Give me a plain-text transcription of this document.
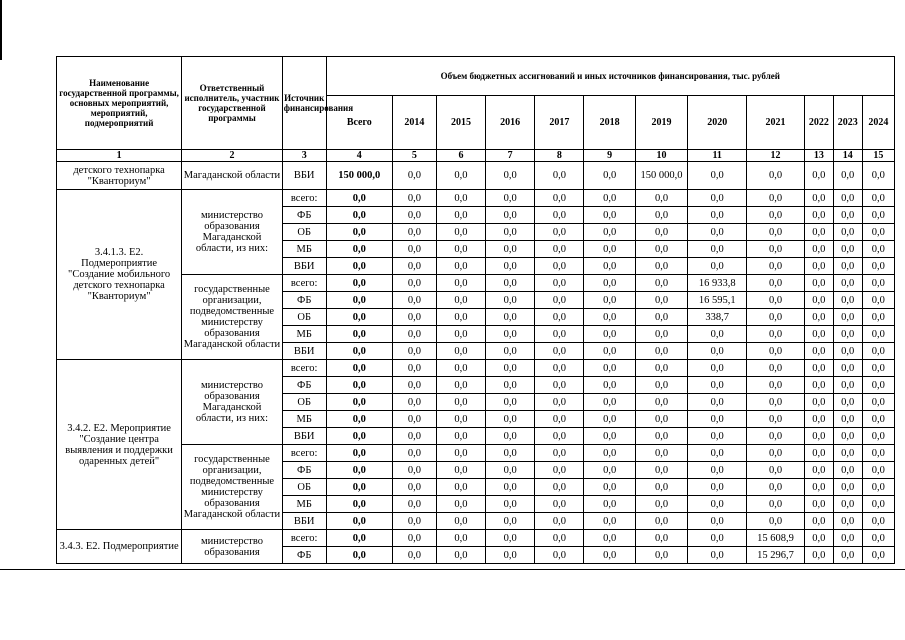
Наименование государственной программы, основных мероприятий, мероприятий, подмероприятий	Ответственный исполнитель, участник государственной программы	Источник финансирования	Объем бюджетных ассигнований и иных источников финансирования, тыс. рублей											
			Всего	2014	2015	2016	2017	2018	2019	2020	2021	2022	2023	2024
1	2	3	4	5	6	7	8	9	10	11	12	13	14	15
детского технопарка "Кванториум"	Магаданской области	ВБИ	150 000,0	0,0	0,0	0,0	0,0	0,0	150 000,0	0,0	0,0	0,0	0,0	0,0
3.4.1.3. Е2. Подмероприятие "Создание мобильного детского технопарка "Кванториум"	министерство образования Магаданской области, из них:	всего:	0,0	0,0	0,0	0,0	0,0	0,0	0,0	0,0	0,0	0,0	0,0	0,0
		ФБ	0,0	0,0	0,0	0,0	0,0	0,0	0,0	0,0	0,0	0,0	0,0	0,0
		ОБ	0,0	0,0	0,0	0,0	0,0	0,0	0,0	0,0	0,0	0,0	0,0	0,0
		МБ	0,0	0,0	0,0	0,0	0,0	0,0	0,0	0,0	0,0	0,0	0,0	0,0
		ВБИ	0,0	0,0	0,0	0,0	0,0	0,0	0,0	0,0	0,0	0,0	0,0	0,0
	государственные организации, подведомственные министерству образования Магаданской области	всего:	0,0	0,0	0,0	0,0	0,0	0,0	0,0	16 933,8	0,0	0,0	0,0	0,0
		ФБ	0,0	0,0	0,0	0,0	0,0	0,0	0,0	16 595,1	0,0	0,0	0,0	0,0
		ОБ	0,0	0,0	0,0	0,0	0,0	0,0	0,0	338,7	0,0	0,0	0,0	0,0
		МБ	0,0	0,0	0,0	0,0	0,0	0,0	0,0	0,0	0,0	0,0	0,0	0,0
		ВБИ	0,0	0,0	0,0	0,0	0,0	0,0	0,0	0,0	0,0	0,0	0,0	0,0
3.4.2. Е2. Мероприятие "Создание центра выявления и поддержки одаренных детей"	министерство образования Магаданской области, из них:	всего:	0,0	0,0	0,0	0,0	0,0	0,0	0,0	0,0	0,0	0,0	0,0	0,0
		ФБ	0,0	0,0	0,0	0,0	0,0	0,0	0,0	0,0	0,0	0,0	0,0	0,0
		ОБ	0,0	0,0	0,0	0,0	0,0	0,0	0,0	0,0	0,0	0,0	0,0	0,0
		МБ	0,0	0,0	0,0	0,0	0,0	0,0	0,0	0,0	0,0	0,0	0,0	0,0
		ВБИ	0,0	0,0	0,0	0,0	0,0	0,0	0,0	0,0	0,0	0,0	0,0	0,0
	государственные организации, подведомственные министерству образования Магаданской области	всего:	0,0	0,0	0,0	0,0	0,0	0,0	0,0	0,0	0,0	0,0	0,0	0,0
		ФБ	0,0	0,0	0,0	0,0	0,0	0,0	0,0	0,0	0,0	0,0	0,0	0,0
		ОБ	0,0	0,0	0,0	0,0	0,0	0,0	0,0	0,0	0,0	0,0	0,0	0,0
		МБ	0,0	0,0	0,0	0,0	0,0	0,0	0,0	0,0	0,0	0,0	0,0	0,0
		ВБИ	0,0	0,0	0,0	0,0	0,0	0,0	0,0	0,0	0,0	0,0	0,0	0,0
3.4.3. Е2. Подмероприятие	министерство образования	всего:	0,0	0,0	0,0	0,0	0,0	0,0	0,0	0,0	15 608,9	0,0	0,0	0,0
		ФБ	0,0	0,0	0,0	0,0	0,0	0,0	0,0	0,0	15 296,7	0,0	0,0	0,0
